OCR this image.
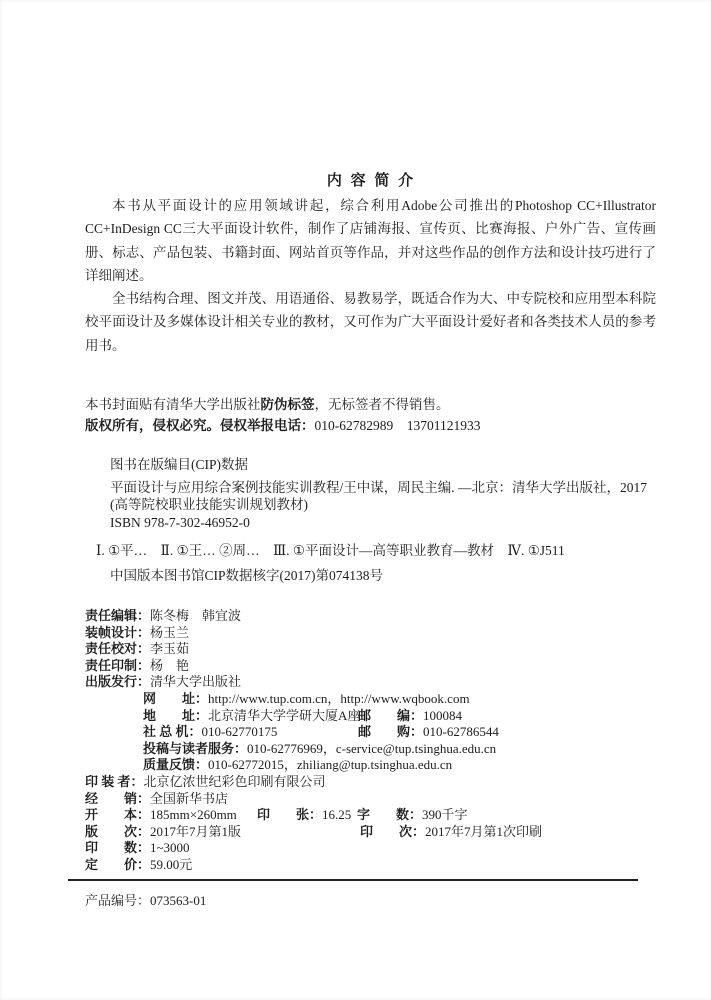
内 容 简 介

本书从平面设计的应用领域讲起，综合利用Adobe公司推出的Photoshop CC+Illustrator CC+InDesign CC三大平面设计软件，制作了店铺海报、宣传页、比赛海报、户外广告、宣传画册、标志、产品包装、书籍封面、网站首页等作品，并对这些作品的创作方法和设计技巧进行了详细阐述。

全书结构合理、图文并茂、用语通俗、易教易学，既适合作为大、中专院校和应用型本科院校平面设计及多媒体设计相关专业的教材，又可作为广大平面设计爱好者和各类技术人员的参考用书。

本书封面贴有清华大学出版社防伪标签，无标签者不得销售。

版权所有，侵权必究。侵权举报电话：010-62782989　13701121933

图书在版编目(CIP)数据

平面设计与应用综合案例技能实训教程/王中谋，周民主编. —北京：清华大学出版社，2017

(高等院校职业技能实训规划教材)

ISBN 978-7-302-46952-0

Ⅰ. ①平…　Ⅱ. ①王… ②周…　Ⅲ. ①平面设计—高等职业教育—教材　Ⅳ. ①J511
中国版本图书馆CIP数据核字(2017)第074138号
责任编辑：陈冬梅　韩宜波
装帧设计：杨玉兰
责任校对：李玉茹
责任印制：杨　艳
出版发行：清华大学出版社
网　　址：http://www.tup.com.cn，http://www.wqbook.com
地　　址：北京清华大学学研大厦A座
邮　　编：100084
社 总 机：010-62770175	邮　　购：010-62786544
投稿与读者服务：010-62776969，c-service@tup.tsinghua.edu.cn
质量反馈：010-62772015，zhiliang@tup.tsinghua.edu.cn
印 装 者：北京亿浓世纪彩色印刷有限公司
经　　销：全国新华书店
开　　本：185mm×260mm 印　　张：16.25 字　　数：390千字
版　　次：2017年7月第1版	印　　次：2017年7月第1次印刷
印　　数：1~3000
定　　价：59.00元
产品编号：073563-01
